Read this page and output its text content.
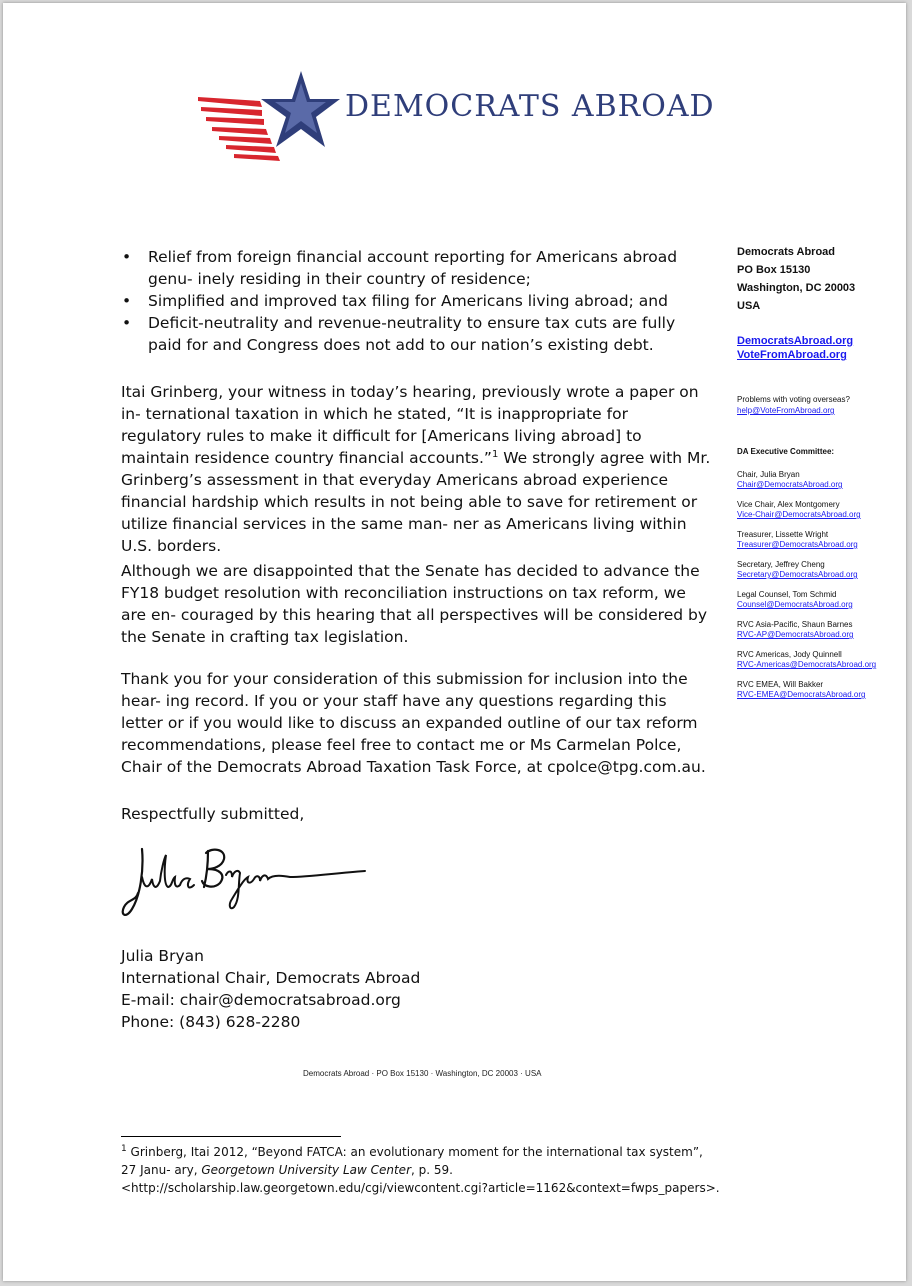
DEMOCRATS ABROAD
• Relief from foreign financial account reporting for Americans abroad genu- inely residing in their country of residence;
• Simplified and improved tax filing for Americans living abroad; and
• Deficit-neutrality and revenue-neutrality to ensure tax cuts are fully paid for and Congress does not add to our nation’s existing debt.
Itai Grinberg, your witness in today’s hearing, previously wrote a paper on in- ternational taxation in which he stated, “It is inappropriate for regulatory rules to make it difficult for [Americans living abroad] to maintain residence country financial accounts.”$^1$ We strongly agree with Mr. Grinberg’s assessment in that everyday Americans abroad experience financial hardship which results in not being able to save for retirement or utilize financial services in the same man- ner as Americans living within U.S. borders.
Although we are disappointed that the Senate has decided to advance the FY18 budget resolution with reconciliation instructions on tax reform, we are en- couraged by this hearing that all perspectives will be considered by the Senate in crafting tax legislation.
Thank you for your consideration of this submission for inclusion into the hear- ing record. If you or your staff have any questions regarding this letter or if you would like to discuss an expanded outline of our tax reform recommendations, please feel free to contact me or Ms Carmelan Polce, Chair of the Democrats Abroad Taxation Task Force, at cpolce@tpg.com.au.
Respectfully submitted,
Julia Bryan
International Chair, Democrats Abroad
E-mail: chair@democratsabroad.org
Phone: (843) 628-2280
Democrats Abroad
PO Box 15130
Washington, DC 20003
USA
DemocratsAbroad.org
VoteFromAbroad.org
Problems with voting overseas?
help@VoteFromAbroad.org
DA Executive Committee:
Chair, Julia Bryan
Chair@DemocratsAbroad.org
Vice Chair, Alex Montgomery
Vice-Chair@DemocratsAbroad.org
Treasurer, Lissette Wright
Treasurer@DemocratsAbroad.org
Secretary, Jeffrey Cheng
Secretary@DemocratsAbroad.org
Legal Counsel, Tom Schmid
Counsel@DemocratsAbroad.org
RVC Asia-Pacific, Shaun Barnes
RVC-AP@DemocratsAbroad.org
RVC Americas, Jody Quinnell
RVC-Americas@DemocratsAbroad.org
RVC EMEA, Will Bakker
RVC-EMEA@DemocratsAbroad.org
Democrats Abroad · PO Box 15130 · Washington, DC 20003 · USA
$^1$ Grinberg, Itai 2012, “Beyond FATCA: an evolutionary moment for the international tax system”, 27 Janu- ary, Georgetown University Law Center, p. 59.
<http://scholarship.law.georgetown.edu/cgi/viewcontent.cgi?article=1162&context=fwps_papers>.
